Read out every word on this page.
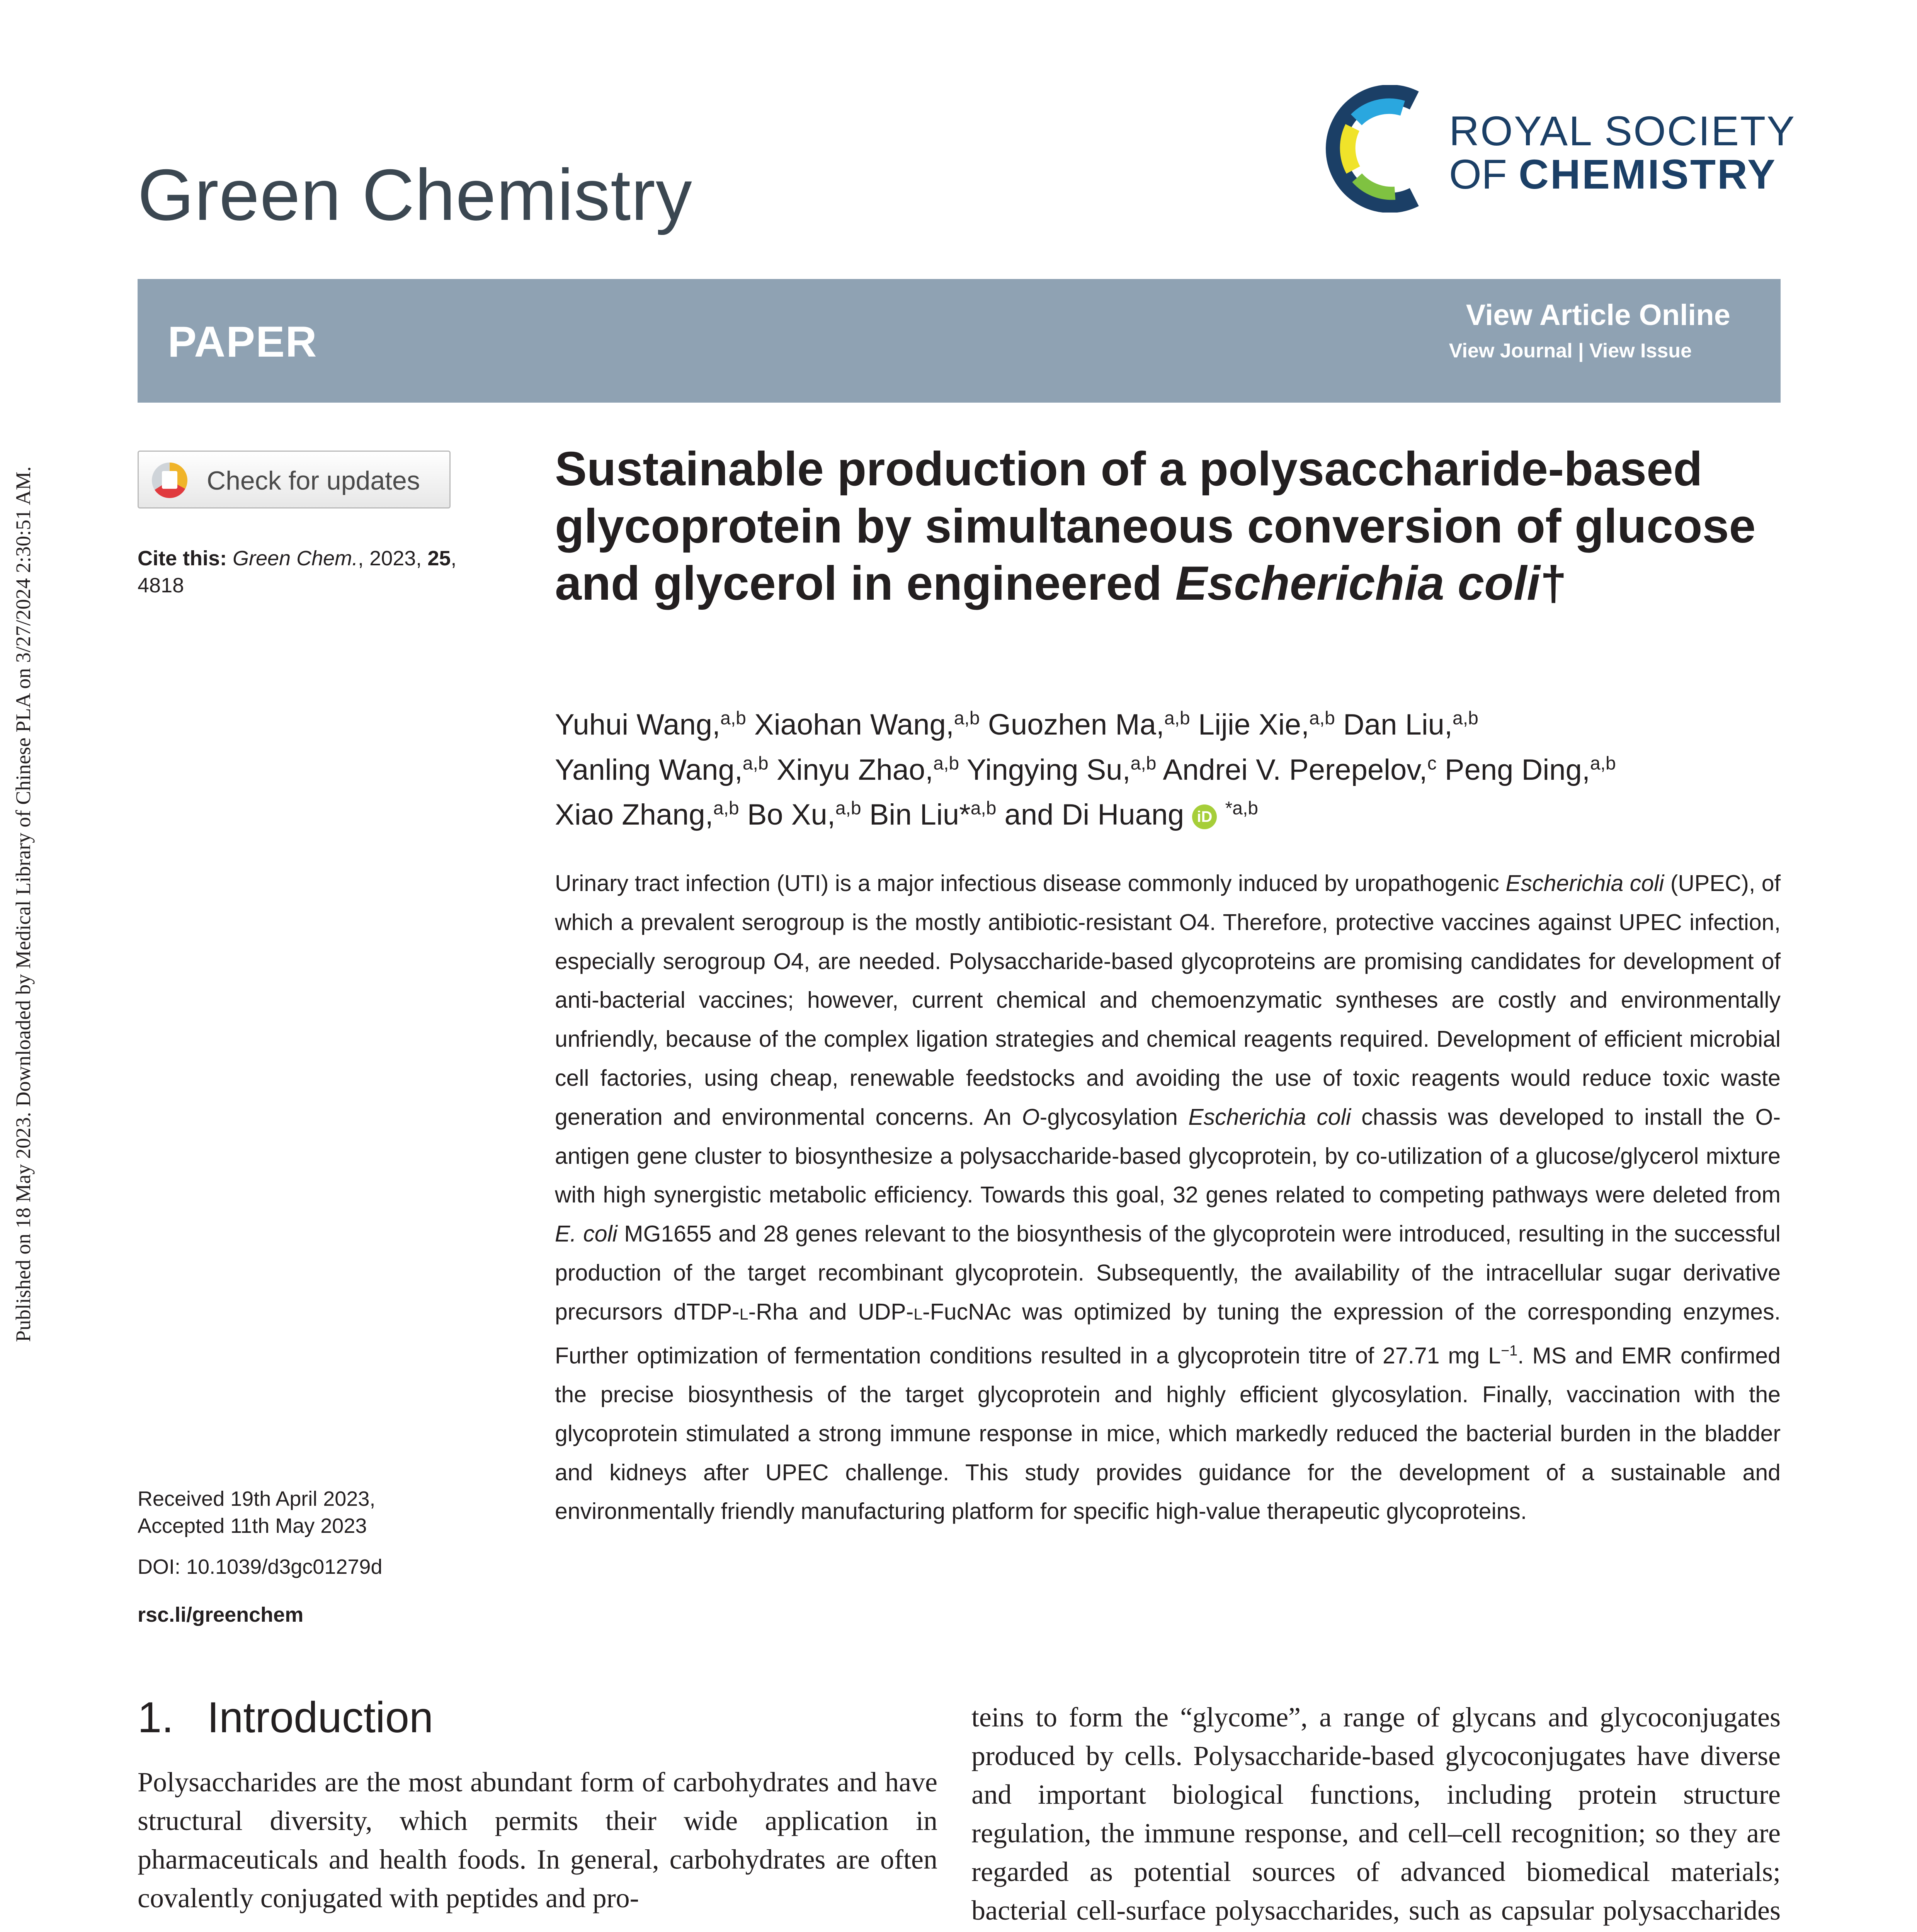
Published on 18 May 2023. Downloaded by Medical Library of Chinese PLA on 3/27/2024 2:30:51 AM.
Green Chemistry
ROYAL SOCIETY
OF CHEMISTRY
PAPER
View Article Online
View Journal | View Issue
Check for updates
Cite this: Green Chem., 2023, 25, 4818
Sustainable production of a polysaccharide-based glycoprotein by simultaneous conversion of glucose and glycerol in engineered Escherichia coli†
Yuhui Wang,$^{a,b}$ Xiaohan Wang,$^{a,b}$ Guozhen Ma,$^{a,b}$ Lijie Xie,$^{a,b}$ Dan Liu,$^{a,b}$
Yanling Wang,$^{a,b}$ Xinyu Zhao,$^{a,b}$ Yingying Su,$^{a,b}$ Andrei V. Perepelov,$^c$ Peng Ding,$^{a,b}$
Xiao Zhang,$^{a,b}$ Bo Xu,$^{a,b}$ Bin Liu*$^{a,b}$ and Di Huang iD $^{*a,b}$
Urinary tract infection (UTI) is a major infectious disease commonly induced by uropathogenic Escherichia coli (UPEC), of which a prevalent serogroup is the mostly antibiotic-resistant O4. Therefore, protective vaccines against UPEC infection, especially serogroup O4, are needed. Polysaccharide-based glycoproteins are promising candidates for development of anti-bacterial vaccines; however, current chemical and chemoenzymatic syntheses are costly and environmentally unfriendly, because of the complex ligation strategies and chemical reagents required. Development of efficient microbial cell factories, using cheap, renewable feedstocks and avoiding the use of toxic reagents would reduce toxic waste generation and environmental concerns. An O-glycosylation Escherichia coli chassis was developed to install the O-antigen gene cluster to biosynthesize a polysaccharide-based glycoprotein, by co-utilization of a glucose/glycerol mixture with high synergistic metabolic efficiency. Towards this goal, 32 genes related to competing pathways were deleted from E. coli MG1655 and 28 genes relevant to the biosynthesis of the glycoprotein were introduced, resulting in the successful production of the target recombinant glycoprotein. Subsequently, the availability of the intracellular sugar derivative precursors dTDP-l-Rha and UDP-l-FucNAc was optimized by tuning the expression of the corresponding enzymes. Further optimization of fermentation conditions resulted in a glycoprotein titre of 27.71 mg $L^{-1}$. MS and EMR confirmed the precise biosynthesis of the target glycoprotein and highly efficient glycosylation. Finally, vaccination with the glycoprotein stimulated a strong immune response in mice, which markedly reduced the bacterial burden in the bladder and kidneys after UPEC challenge. This study provides guidance for the development of a sustainable and environmentally friendly manufacturing platform for specific high-value therapeutic glycoproteins.
Received 19th April 2023,
Accepted 11th May 2023
DOI: 10.1039/d3gc01279d
rsc.li/greenchem
1. Introduction
Polysaccharides are the most abundant form of carbohydrates and have structural diversity, which permits their wide application in pharmaceuticals and health foods. In general, carbohydrates are often covalently conjugated with peptides and pro-

teins to form the “glycome”, a range of glycans and glycoconjugates produced by cells. Polysaccharide-based glycoconjugates have diverse and important biological functions, including protein structure regulation, the immune response, and cell–cell recognition; so they are regarded as potential sources of advanced biomedical materials; bacterial cell-surface polysaccharides, such as capsular polysaccharides
